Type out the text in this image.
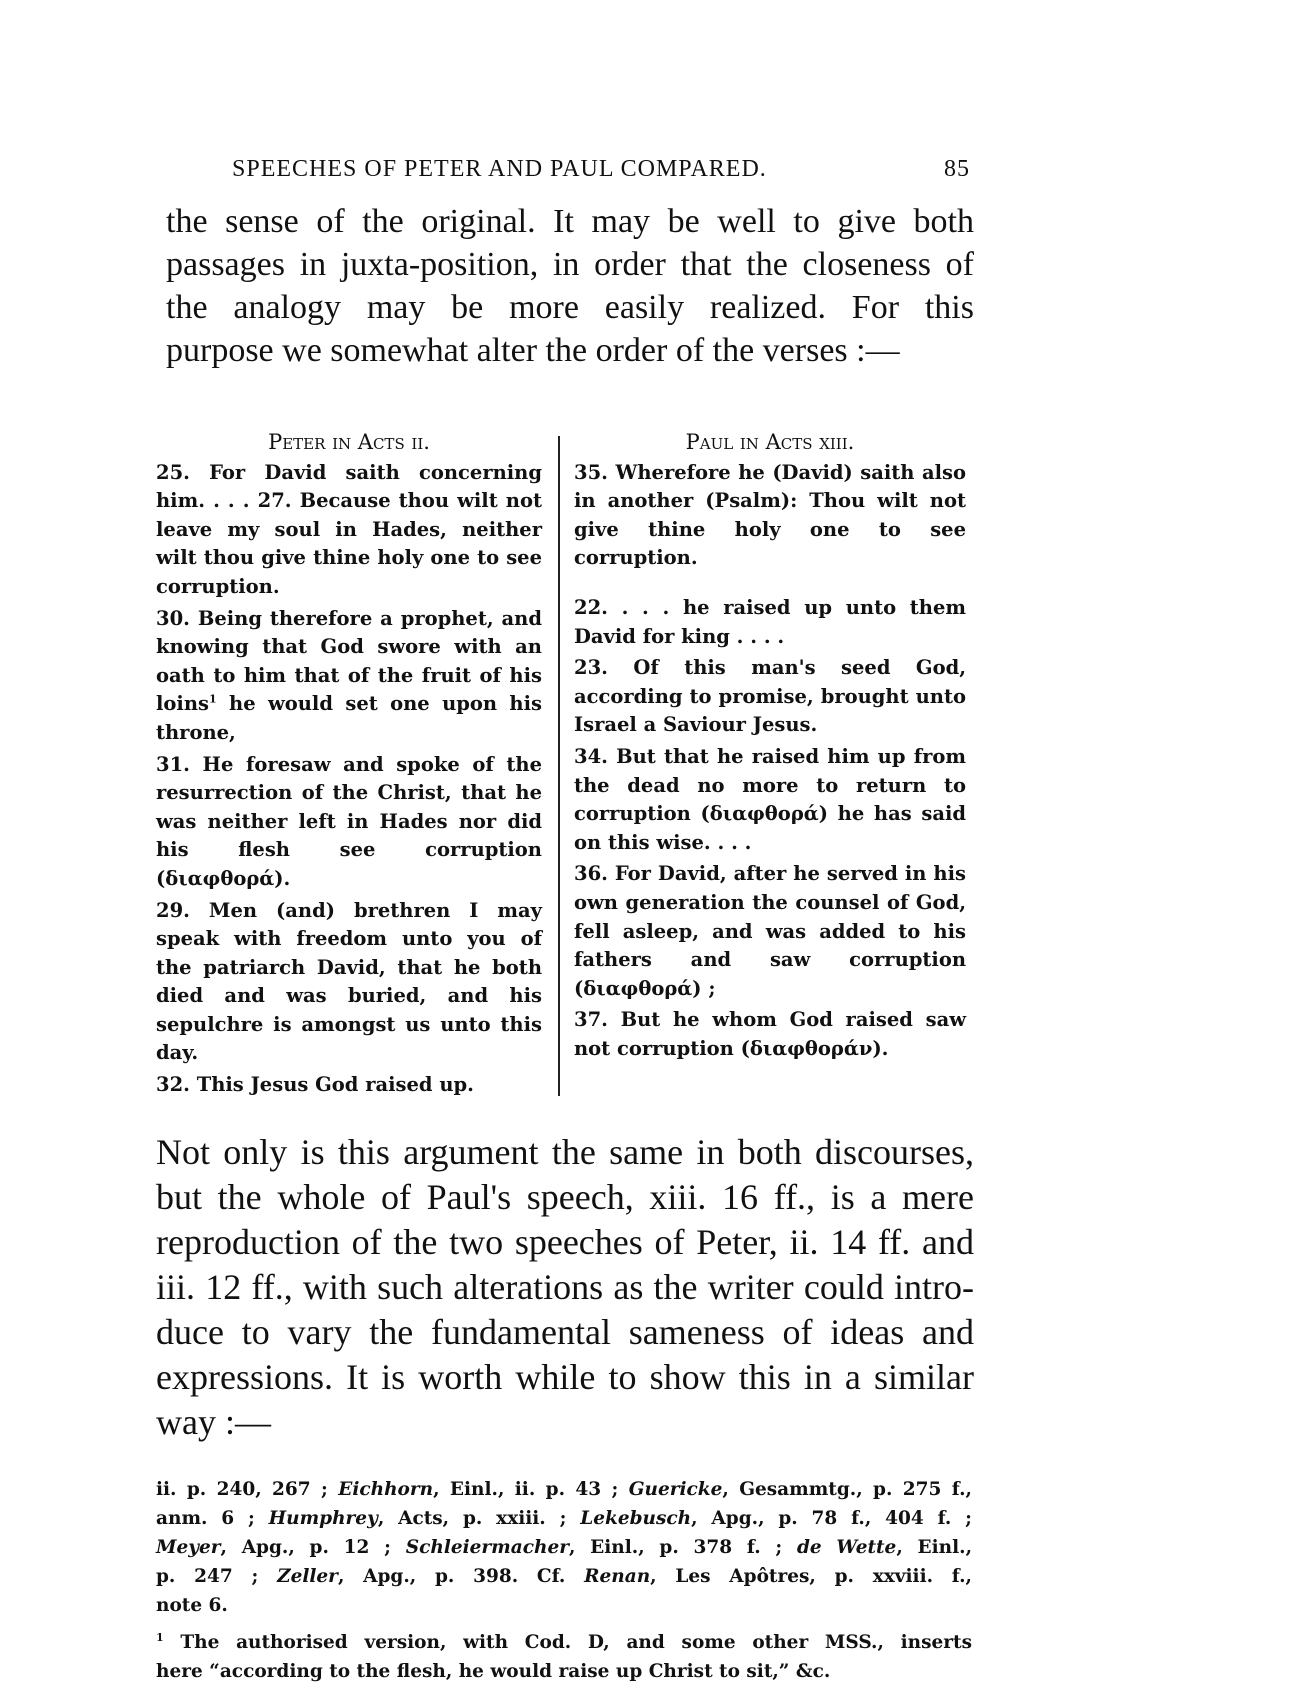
SPEECHES OF PETER AND PAUL COMPARED.	85
the sense of the original. It may be well to give both
passages in juxta-position, in order that the closeness of
the analogy may be more easily realized. For this
purpose we somewhat alter the order of the verses :—
Peter in Acts ii.
25. For David saith concerning him. . . . 27. Because thou wilt not leave my soul in Hades, neither wilt thou give thine holy one to see corruption.
30. Being therefore a prophet, and knowing that God swore with an oath to him that of the fruit of his loins$^1$ he would set one upon his throne,
31. He foresaw and spoke of the resurrection of the Christ, that he was neither left in Hades nor did his flesh see corruption (διαφθορά).
29. Men (and) brethren I may speak with freedom unto you of the patriarch David, that he both died and was buried, and his sepulchre is amongst us unto this day.
32. This Jesus God raised up.
Paul in Acts xiii.
35. Wherefore he (David) saith also in another (Psalm): Thou wilt not give thine holy one to see corruption.
22. . . . he raised up unto them David for king . . . .
23. Of this man's seed God, according to promise, brought unto Israel a Saviour Jesus.
34. But that he raised him up from the dead no more to return to corruption (διαφθορά) he has said on this wise. . . .
36. For David, after he served in his own generation the counsel of God, fell asleep, and was added to his fathers and saw corruption (διαφθορά) ;
37. But he whom God raised saw not corruption (διαφθοράν).
Not only is this argument the same in both discourses,
but the whole of Paul's speech, xiii. 16 ff., is a mere
reproduction of the two speeches of Peter, ii. 14 ff. and
iii. 12 ff., with such alterations as the writer could intro-
duce to vary the fundamental sameness of ideas and
expressions. It is worth while to show this in a similar
way :—
ii. p. 240, 267 ; Eichhorn, Einl., ii. p. 43 ; Guericke, Gesammtg., p. 275 f.,
anm. 6 ; Humphrey, Acts, p. xxiii. ; Lekebusch, Apg., p. 78 f., 404 f. ;
Meyer, Apg., p. 12 ; Schleiermacher, Einl., p. 378 f. ; de Wette, Einl.,
p. 247 ; Zeller, Apg., p. 398. Cf. Renan, Les Apôtres, p. xxviii. f.,
note 6.
$^1$ The authorised version, with Cod. D, and some other MSS., inserts
here “according to the flesh, he would raise up Christ to sit,” &c.
